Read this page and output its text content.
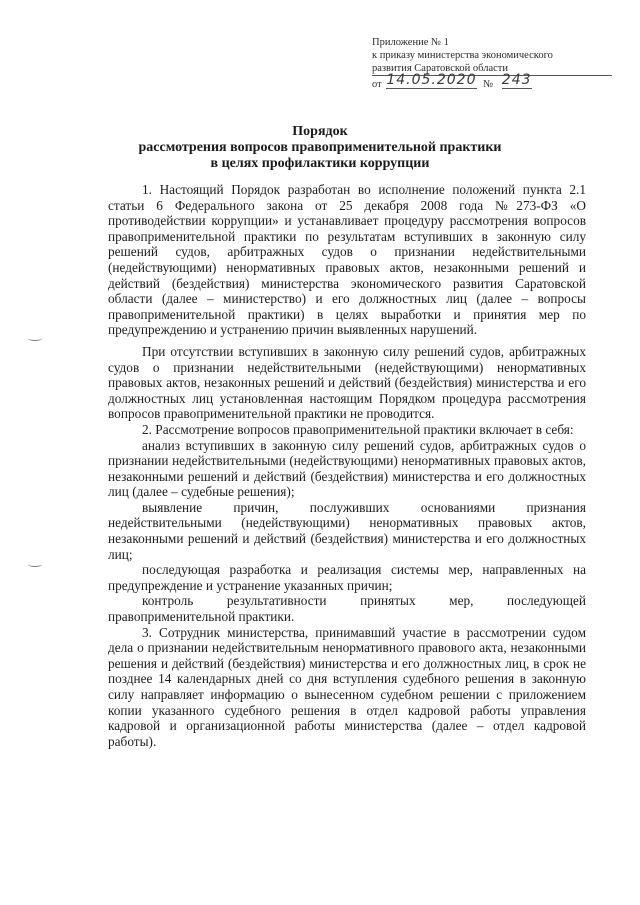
Приложение № 1
к приказу министерства экономического
развития Саратовской области
от 14.05.2020 № 243
Порядок
рассмотрения вопросов правоприменительной практики
в целях профилактики коррупции

1. Настоящий Порядок разработан во исполнение положений пункта 2.1 статьи 6 Федерального закона от 25 декабря 2008 года №273-ФЗ «О противодействии коррупции» и устанавливает процедуру рассмотрения вопросов правоприменительной практики по результатам вступивших в законную силу решений судов, арбитражных судов о признании недействительными (недействующими) ненормативных правовых актов, незаконными решений и действий (бездействия) министерства экономического развития Саратовской области (далее – министерство) и его должностных лиц (далее – вопросы правоприменительной практики) в целях выработки и принятия мер по предупреждению и устранению причин выявленных нарушений.

При отсутствии вступивших в законную силу решений судов, арбитражных судов о признании недействительными (недействующими) ненормативных правовых актов, незаконных решений и действий (бездействия) министерства и его должностных лиц установленная настоящим Порядком процедура рассмотрения вопросов правоприменительной практики не проводится.

2. Рассмотрение вопросов правоприменительной практики включает в себя:

анализ вступивших в законную силу решений судов, арбитражных судов о признании недействительными (недействующими) ненормативных правовых актов, незаконными решений и действий (бездействия) министерства и его должностных лиц (далее – судебные решения);

выявление причин, послуживших основаниями признания недействительными (недействующими) ненормативных правовых актов, незаконными решений и действий (бездействия) министерства и его должностных лиц;

последующая разработка и реализация системы мер, направленных на предупреждение и устранение указанных причин;

контроль результативности принятых мер, последующей правоприменительной практики.

3. Сотрудник министерства, принимавший участие в рассмотрении судом дела о признании недействительным ненормативного правового акта, незаконными решения и действий (бездействия) министерства и его должностных лиц, в срок не позднее 14 календарных дней со дня вступления судебного решения в законную силу направляет информацию о вынесенном судебном решении с приложением копии указанного судебного решения в отдел кадровой работы управления кадровой и организационной работы министерства (далее – отдел кадровой работы).
